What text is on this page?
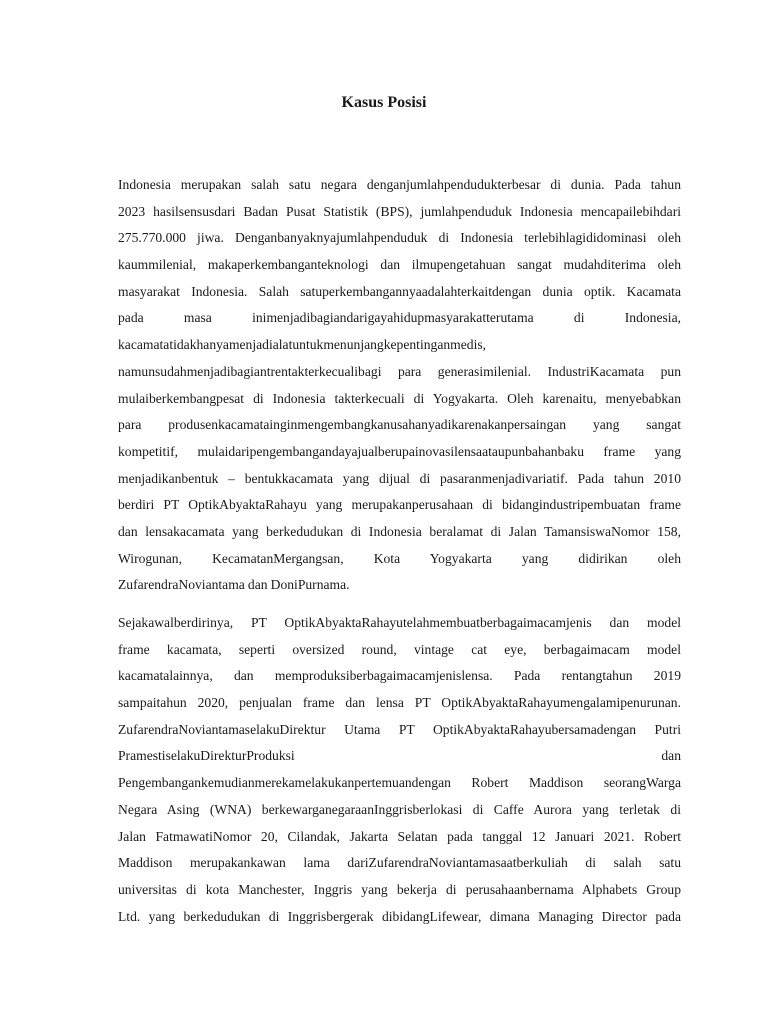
Kasus Posisi

Indonesia merupakan salah satu negara denganjumlahpendudukterbesar di dunia. Pada tahun
2023 hasilsensusdari Badan Pusat Statistik (BPS), jumlahpenduduk Indonesia mencapailebihdari
275.770.000 jiwa. Denganbanyaknyajumlahpenduduk di Indonesia terlebihlagididominasi oleh
kaummilenial, makaperkembanganteknologi dan ilmupengetahuan sangat mudahditerima oleh
masyarakat Indonesia. Salah satuperkembangannyaadalahterkaitdengan dunia optik. Kacamata
pada masa inimenjadibagiandarigayahidupmasyarakatterutama di Indonesia,
kacamatatidakhanyamenjadialatuntukmenunjangkepentinganmedis,
namunsudahmenjadibagiantrentakterkecualibagi para generasimilenial. IndustriKacamata pun
mulaiberkembangpesat di Indonesia takterkecuali di Yogyakarta. Oleh karenaitu, menyebabkan
para produsenkacamatainginmengembangkanusahanyadikarenakanpersaingan yang sangat
kompetitif, mulaidaripengembangandayajualberupainovasilensaataupunbahanbaku frame yang
menjadikanbentuk – bentukkacamata yang dijual di pasaranmenjadivariatif. Pada tahun 2010
berdiri PT OptikAbyaktaRahayu yang merupakanperusahaan di bidangindustripembuatan frame
dan lensakacamata yang berkedudukan di Indonesia beralamat di Jalan TamansiswaNomor 158,
Wirogunan, KecamatanMergangsan, Kota Yogyakarta yang didirikan oleh
ZufarendraNoviantama dan DoniPurnama.

Sejakawalberdirinya, PT OptikAbyaktaRahayutelahmembuatberbagaimacamjenis dan model
frame kacamata, seperti oversized round, vintage cat eye, berbagaimacam model
kacamatalainnya, dan memproduksiberbagaimacamjenislensa. Pada rentangtahun 2019
sampaitahun 2020, penjualan frame dan lensa PT OptikAbyaktaRahayumengalamipenurunan.
ZufarendraNoviantamaselakuDirektur Utama PT OptikAbyaktaRahayubersamadengan Putri
PramestiselakuDirekturProduksi dan
Pengembangankemudianmerekamelakukanpertemuandengan Robert Maddison seorangWarga
Negara Asing (WNA) berkewarganegaraanInggrisberlokasi di Caffe Aurora yang terletak di
Jalan FatmawatiNomor 20, Cilandak, Jakarta Selatan pada tanggal 12 Januari 2021. Robert
Maddison merupakankawan lama dariZufarendraNoviantamasaatberkuliah di salah satu
universitas di kota Manchester, Inggris yang bekerja di perusahaanbernama Alphabets Group
Ltd. yang berkedudukan di Inggrisbergerak dibidangLifewear, dimana Managing Director pada
